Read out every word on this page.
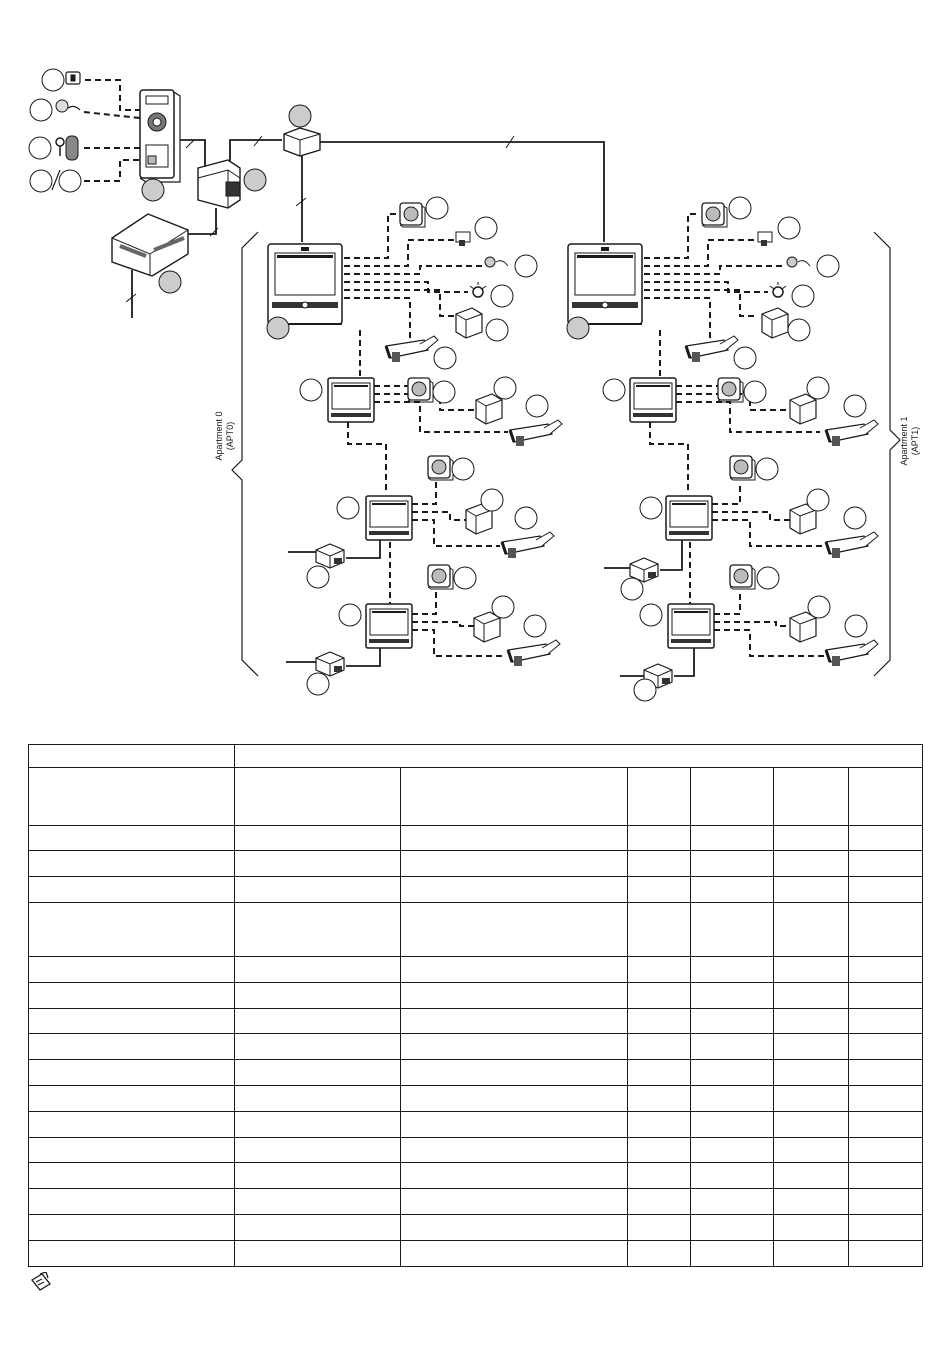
Apartment 0 (APT0)	Apartment 1 (APT1)
